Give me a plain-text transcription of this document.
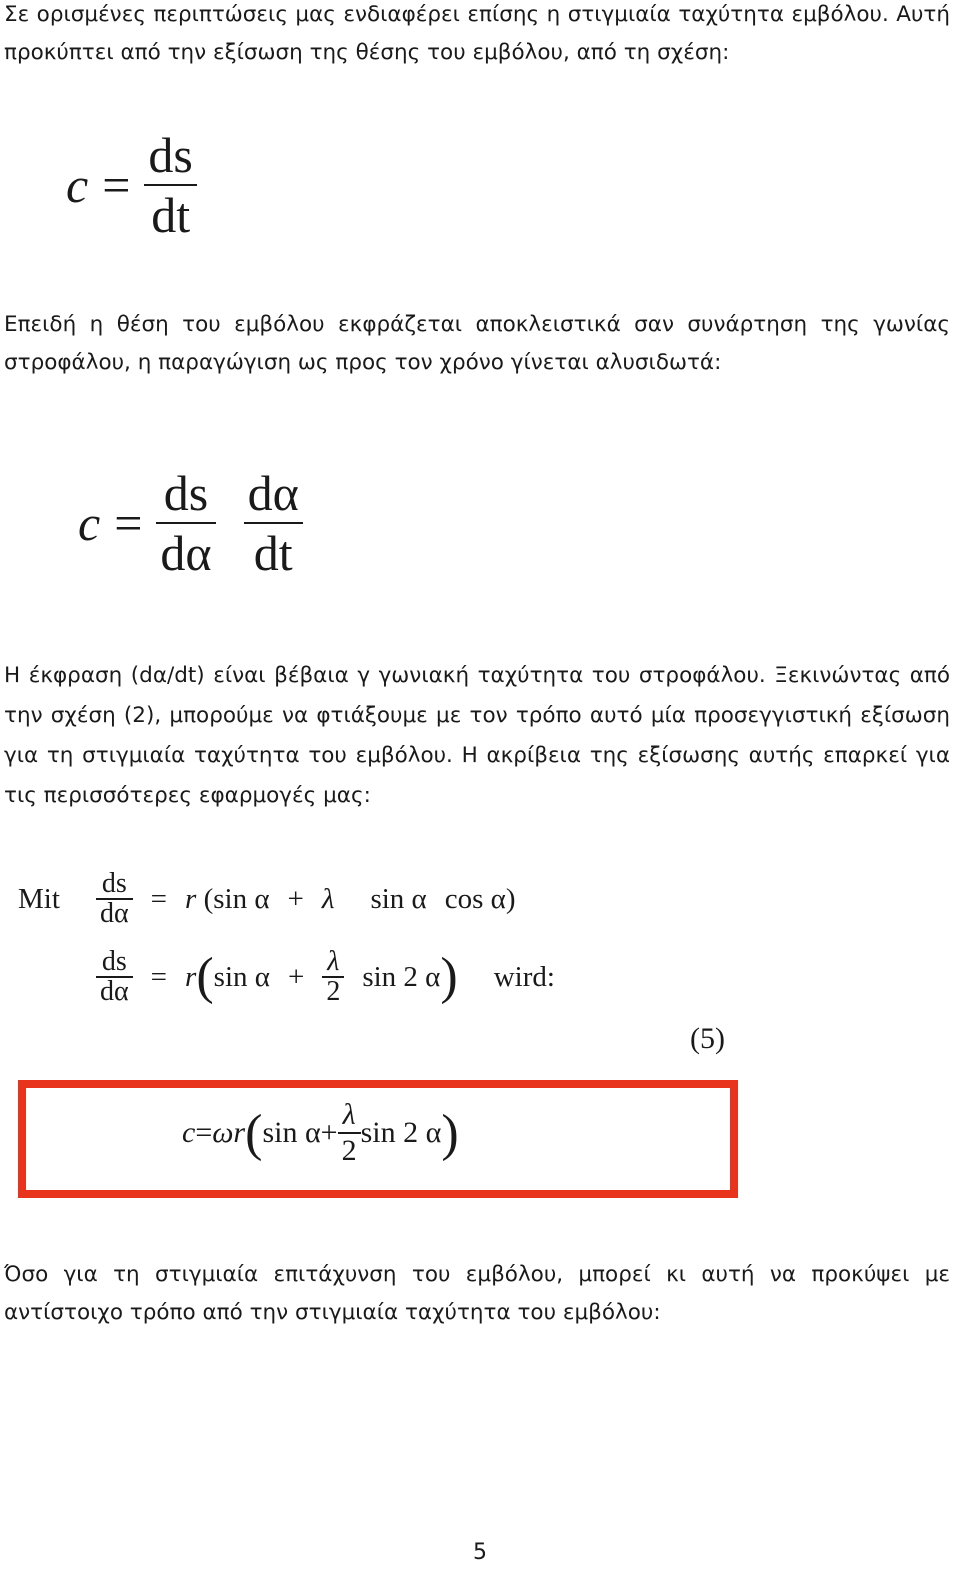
Σε ορισμένες περιπτώσεις μας ενδιαφέρει επίσης η στιγμιαία ταχύτητα εμβόλου. Αυτή προκύπτει από την εξίσωση της θέσης του εμβόλου, από τη σχέση:

$c = \frac{ds}{dt}$

Επειδή η θέση του εμβόλου εκφράζεται αποκλειστικά σαν συνάρτηση της γωνίας στροφάλου, η παραγώγιση ως προς τον χρόνο γίνεται αλυσιδωτά:

$c = \frac{ds}{d\alpha} \frac{d\alpha}{dt}$

Η έκφραση (dα/dt) είναι βέβαια γ γωνιακή ταχύτητα του στροφάλου. Ξεκινώντας από την σχέση (2), μπορούμε να φτιάξουμε με τον τρόπο αυτό μία προσεγγιστική εξίσωση για τη στιγμιαία ταχύτητα του εμβόλου. Η ακρίβεια της εξίσωσης αυτής επαρκεί για τις περισσότερες εφαρμογές μας:

Mit	$\frac{ds}{d\alpha} = r$ ( sin α + λ sin α cos α)
$\frac{ds}{d\alpha} = r$ ( $\sin \alpha + \frac{\lambda}{2}$ sin 2 α ) wird:
(5)
c = ωr ( $\sin \alpha + \frac{\lambda}{2}$ sin 2 α )

Όσο για τη στιγμιαία επιτάχυνση του εμβόλου, μπορεί κι αυτή να προκύψει με αντίστοιχο τρόπο από την στιγμιαία ταχύτητα του εμβόλου:

5
